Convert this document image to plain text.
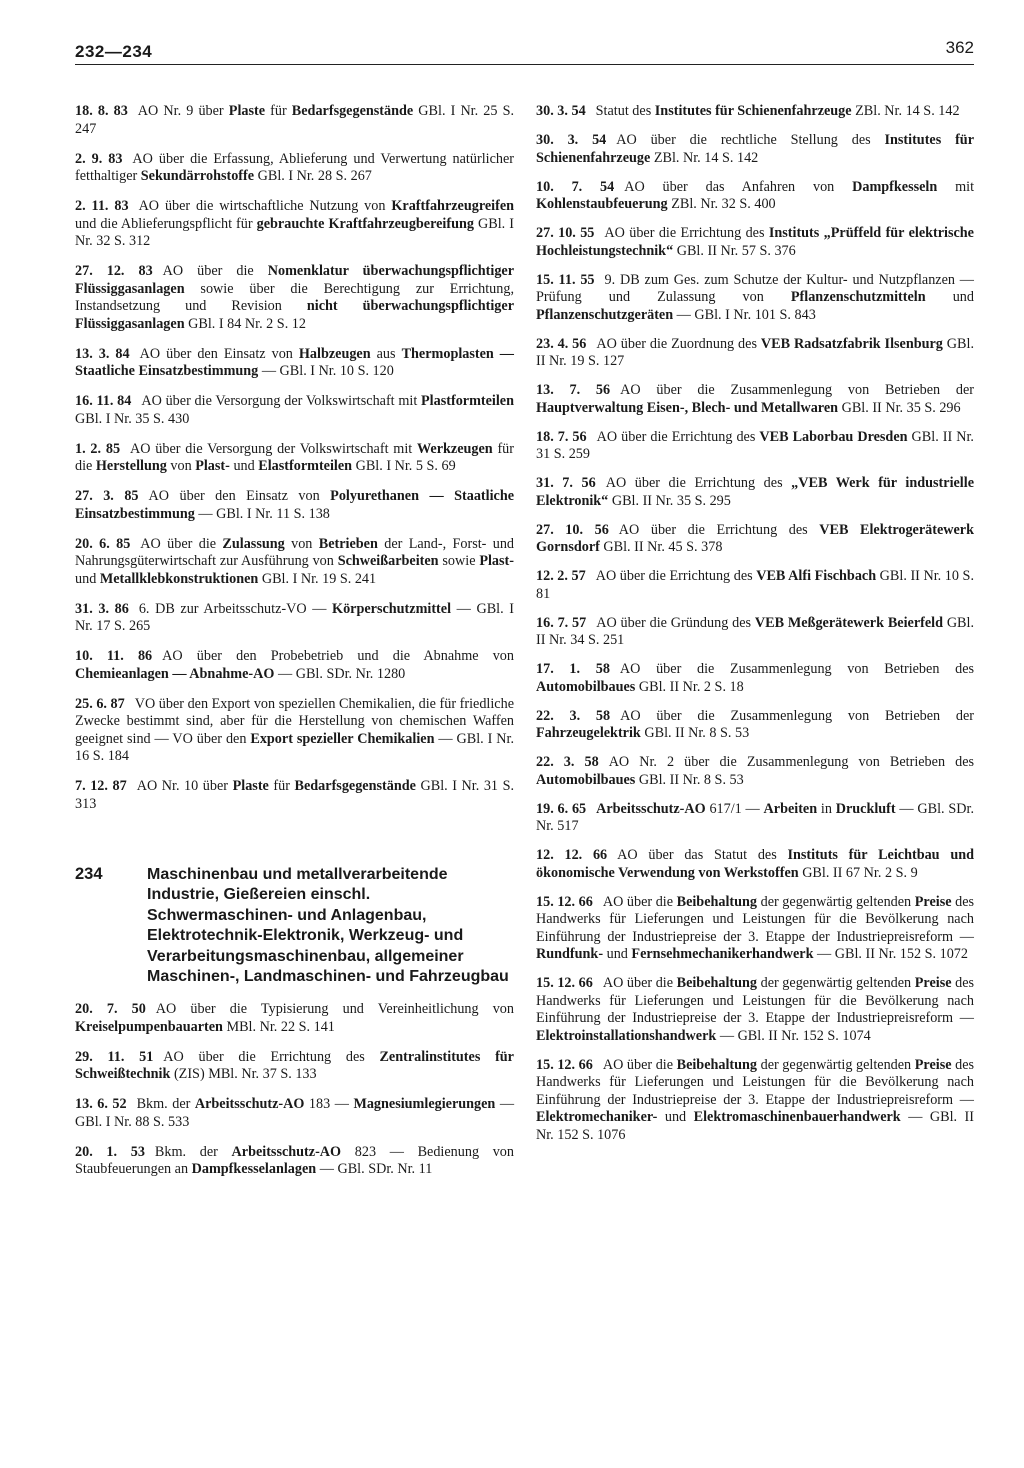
232—234	362
18. 8. 83 AO Nr. 9 über Plaste für Bedarfsgegenstände GBl. I Nr. 25 S. 247
2. 9. 83 AO über die Erfassung, Ablieferung und Verwertung natürlicher fetthaltiger Sekundärrohstoffe GBl. I Nr. 28 S. 267
2. 11. 83 AO über die wirtschaftliche Nutzung von Kraftfahrzeugreifen und die Ablieferungspflicht für gebrauchte Kraftfahrzeugbereifung GBl. I Nr. 32 S. 312
27. 12. 83 AO über die Nomenklatur überwachungspflichtiger Flüssiggasanlagen sowie über die Berechtigung zur Errichtung, Instandsetzung und Revision nicht überwachungspflichtiger Flüssiggasanlagen GBl. I 84 Nr. 2 S. 12
13. 3. 84 AO über den Einsatz von Halbzeugen aus Thermoplasten — Staatliche Einsatzbestimmung — GBl. I Nr. 10 S. 120
16. 11. 84 AO über die Versorgung der Volkswirtschaft mit Plastformteilen GBl. I Nr. 35 S. 430
1. 2. 85 AO über die Versorgung der Volkswirtschaft mit Werkzeugen für die Herstellung von Plast- und Elastformteilen GBl. I Nr. 5 S. 69
27. 3. 85 AO über den Einsatz von Polyurethanen — Staatliche Einsatzbestimmung — GBl. I Nr. 11 S. 138
20. 6. 85 AO über die Zulassung von Betrieben der Land-, Forst- und Nahrungsgüterwirtschaft zur Ausführung von Schweißarbeiten sowie Plast- und Metallklebkonstruktionen GBl. I Nr. 19 S. 241
31. 3. 86 6. DB zur Arbeitsschutz-VO — Körperschutzmittel — GBl. I Nr. 17 S. 265
10. 11. 86 AO über den Probebetrieb und die Abnahme von Chemieanlagen — Abnahme-AO — GBl. SDr. Nr. 1280
25. 6. 87 VO über den Export von speziellen Chemikalien, die für friedliche Zwecke bestimmt sind, aber für die Herstellung von chemischen Waffen geeignet sind — VO über den Export spezieller Chemikalien — GBl. I Nr. 16 S. 184
7. 12. 87 AO Nr. 10 über Plaste für Bedarfsgegenstände GBl. I Nr. 31 S. 313
234	Maschinenbau und metallverarbeitende Industrie, Gießereien einschl. Schwermaschinen- und Anlagenbau, Elektrotechnik-Elektronik, Werkzeug- und Verarbeitungsmaschinenbau, allgemeiner Maschinen-, Landmaschinen- und Fahrzeugbau
20. 7. 50 AO über die Typisierung und Vereinheitlichung von Kreiselpumpenbauarten MBl. Nr. 22 S. 141
29. 11. 51 AO über die Errichtung des Zentralinstitutes für Schweißtechnik (ZIS) MBl. Nr. 37 S. 133
13. 6. 52 Bkm. der Arbeitsschutz-AO 183 — Magnesiumlegierungen — GBl. I Nr. 88 S. 533
20. 1. 53 Bkm. der Arbeitsschutz-AO 823 — Bedienung von Staubfeuerungen an Dampfkesselanlagen — GBl. SDr. Nr. 11
30. 3. 54 Statut des Institutes für Schienenfahrzeuge ZBl. Nr. 14 S. 142
30. 3. 54 AO über die rechtliche Stellung des Institutes für Schienenfahrzeuge ZBl. Nr. 14 S. 142
10. 7. 54 AO über das Anfahren von Dampfkesseln mit Kohlenstaubfeuerung ZBl. Nr. 32 S. 400
27. 10. 55 AO über die Errichtung des Instituts „Prüffeld für elektrische Hochleistungstechnik“ GBl. II Nr. 57 S. 376
15. 11. 55 9. DB zum Ges. zum Schutze der Kultur- und Nutzpflanzen — Prüfung und Zulassung von Pflanzenschutzmitteln und Pflanzenschutzgeräten — GBl. I Nr. 101 S. 843
23. 4. 56 AO über die Zuordnung des VEB Radsatzfabrik Ilsenburg GBl. II Nr. 19 S. 127
13. 7. 56 AO über die Zusammenlegung von Betrieben der Hauptverwaltung Eisen-, Blech- und Metallwaren GBl. II Nr. 35 S. 296
18. 7. 56 AO über die Errichtung des VEB Laborbau Dresden GBl. II Nr. 31 S. 259
31. 7. 56 AO über die Errichtung des „VEB Werk für industrielle Elektronik“ GBl. II Nr. 35 S. 295
27. 10. 56 AO über die Errichtung des VEB Elektrogerätewerk Gornsdorf GBl. II Nr. 45 S. 378
12. 2. 57 AO über die Errichtung des VEB Alfi Fischbach GBl. II Nr. 10 S. 81
16. 7. 57 AO über die Gründung des VEB Meßgerätewerk Beierfeld GBl. II Nr. 34 S. 251
17. 1. 58 AO über die Zusammenlegung von Betrieben des Automobilbaues GBl. II Nr. 2 S. 18
22. 3. 58 AO über die Zusammenlegung von Betrieben der Fahrzeugelektrik GBl. II Nr. 8 S. 53
22. 3. 58 AO Nr. 2 über die Zusammenlegung von Betrieben des Automobilbaues GBl. II Nr. 8 S. 53
19. 6. 65 Arbeitsschutz-AO 617/1 — Arbeiten in Druckluft — GBl. SDr. Nr. 517
12. 12. 66 AO über das Statut des Instituts für Leichtbau und ökonomische Verwendung von Werkstoffen GBl. II 67 Nr. 2 S. 9
15. 12. 66 AO über die Beibehaltung der gegenwärtig geltenden Preise des Handwerks für Lieferungen und Leistungen für die Bevölkerung nach Einführung der Industriepreise der 3. Etappe der Industriepreisreform — Rundfunk- und Fernsehmechanikerhandwerk — GBl. II Nr. 152 S. 1072
15. 12. 66 AO über die Beibehaltung der gegenwärtig geltenden Preise des Handwerks für Lieferungen und Leistungen für die Bevölkerung nach Einführung der Industriepreise der 3. Etappe der Industriepreisreform — Elektroinstallationshandwerk — GBl. II Nr. 152 S. 1074
15. 12. 66 AO über die Beibehaltung der gegenwärtig geltenden Preise des Handwerks für Lieferungen und Leistungen für die Bevölkerung nach Einführung der Industriepreise der 3. Etappe der Industriepreisreform — Elektromechaniker- und Elektromaschinenbauerhandwerk — GBl. II Nr. 152 S. 1076
